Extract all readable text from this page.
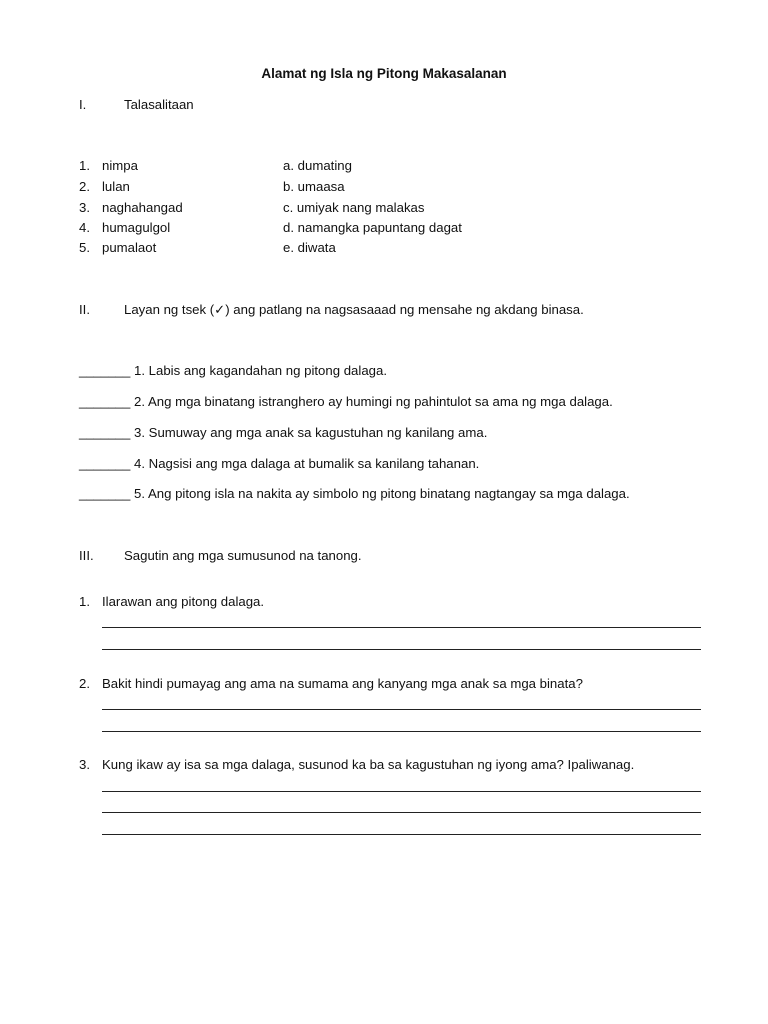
Alamat ng Isla ng Pitong Makasalanan
I.	Talasalitaan
1. nimpa	a. dumating
2. lulan	b. umaasa
3. naghahangad	c. umiyak nang malakas
4. humagulgol	d. namangka papuntang dagat
5. pumalaot	e. diwata
II.	Layan ng tsek (✓) ang patlang na nagsasaaad ng mensahe ng akdang binasa.
_______ 1. Labis ang kagandahan ng pitong dalaga.
_______ 2. Ang mga binatang istranghero ay humingi ng pahintulot sa ama ng mga dalaga.
_______ 3. Sumuway ang mga anak sa kagustuhan ng kanilang ama.
_______ 4. Nagsisi ang mga dalaga at bumalik sa kanilang tahanan.
_______ 5. Ang pitong isla na nakita ay simbolo ng pitong binatang nagtangay sa mga dalaga.
III. Sagutin ang mga sumusunod na tanong.
1. Ilarawan ang pitong dalaga.
2. Bakit hindi pumayag ang ama na sumama ang kanyang mga anak sa mga binata?
3. Kung ikaw ay isa sa mga dalaga, susunod ka ba sa kagustuhan ng iyong ama? Ipaliwanag.
